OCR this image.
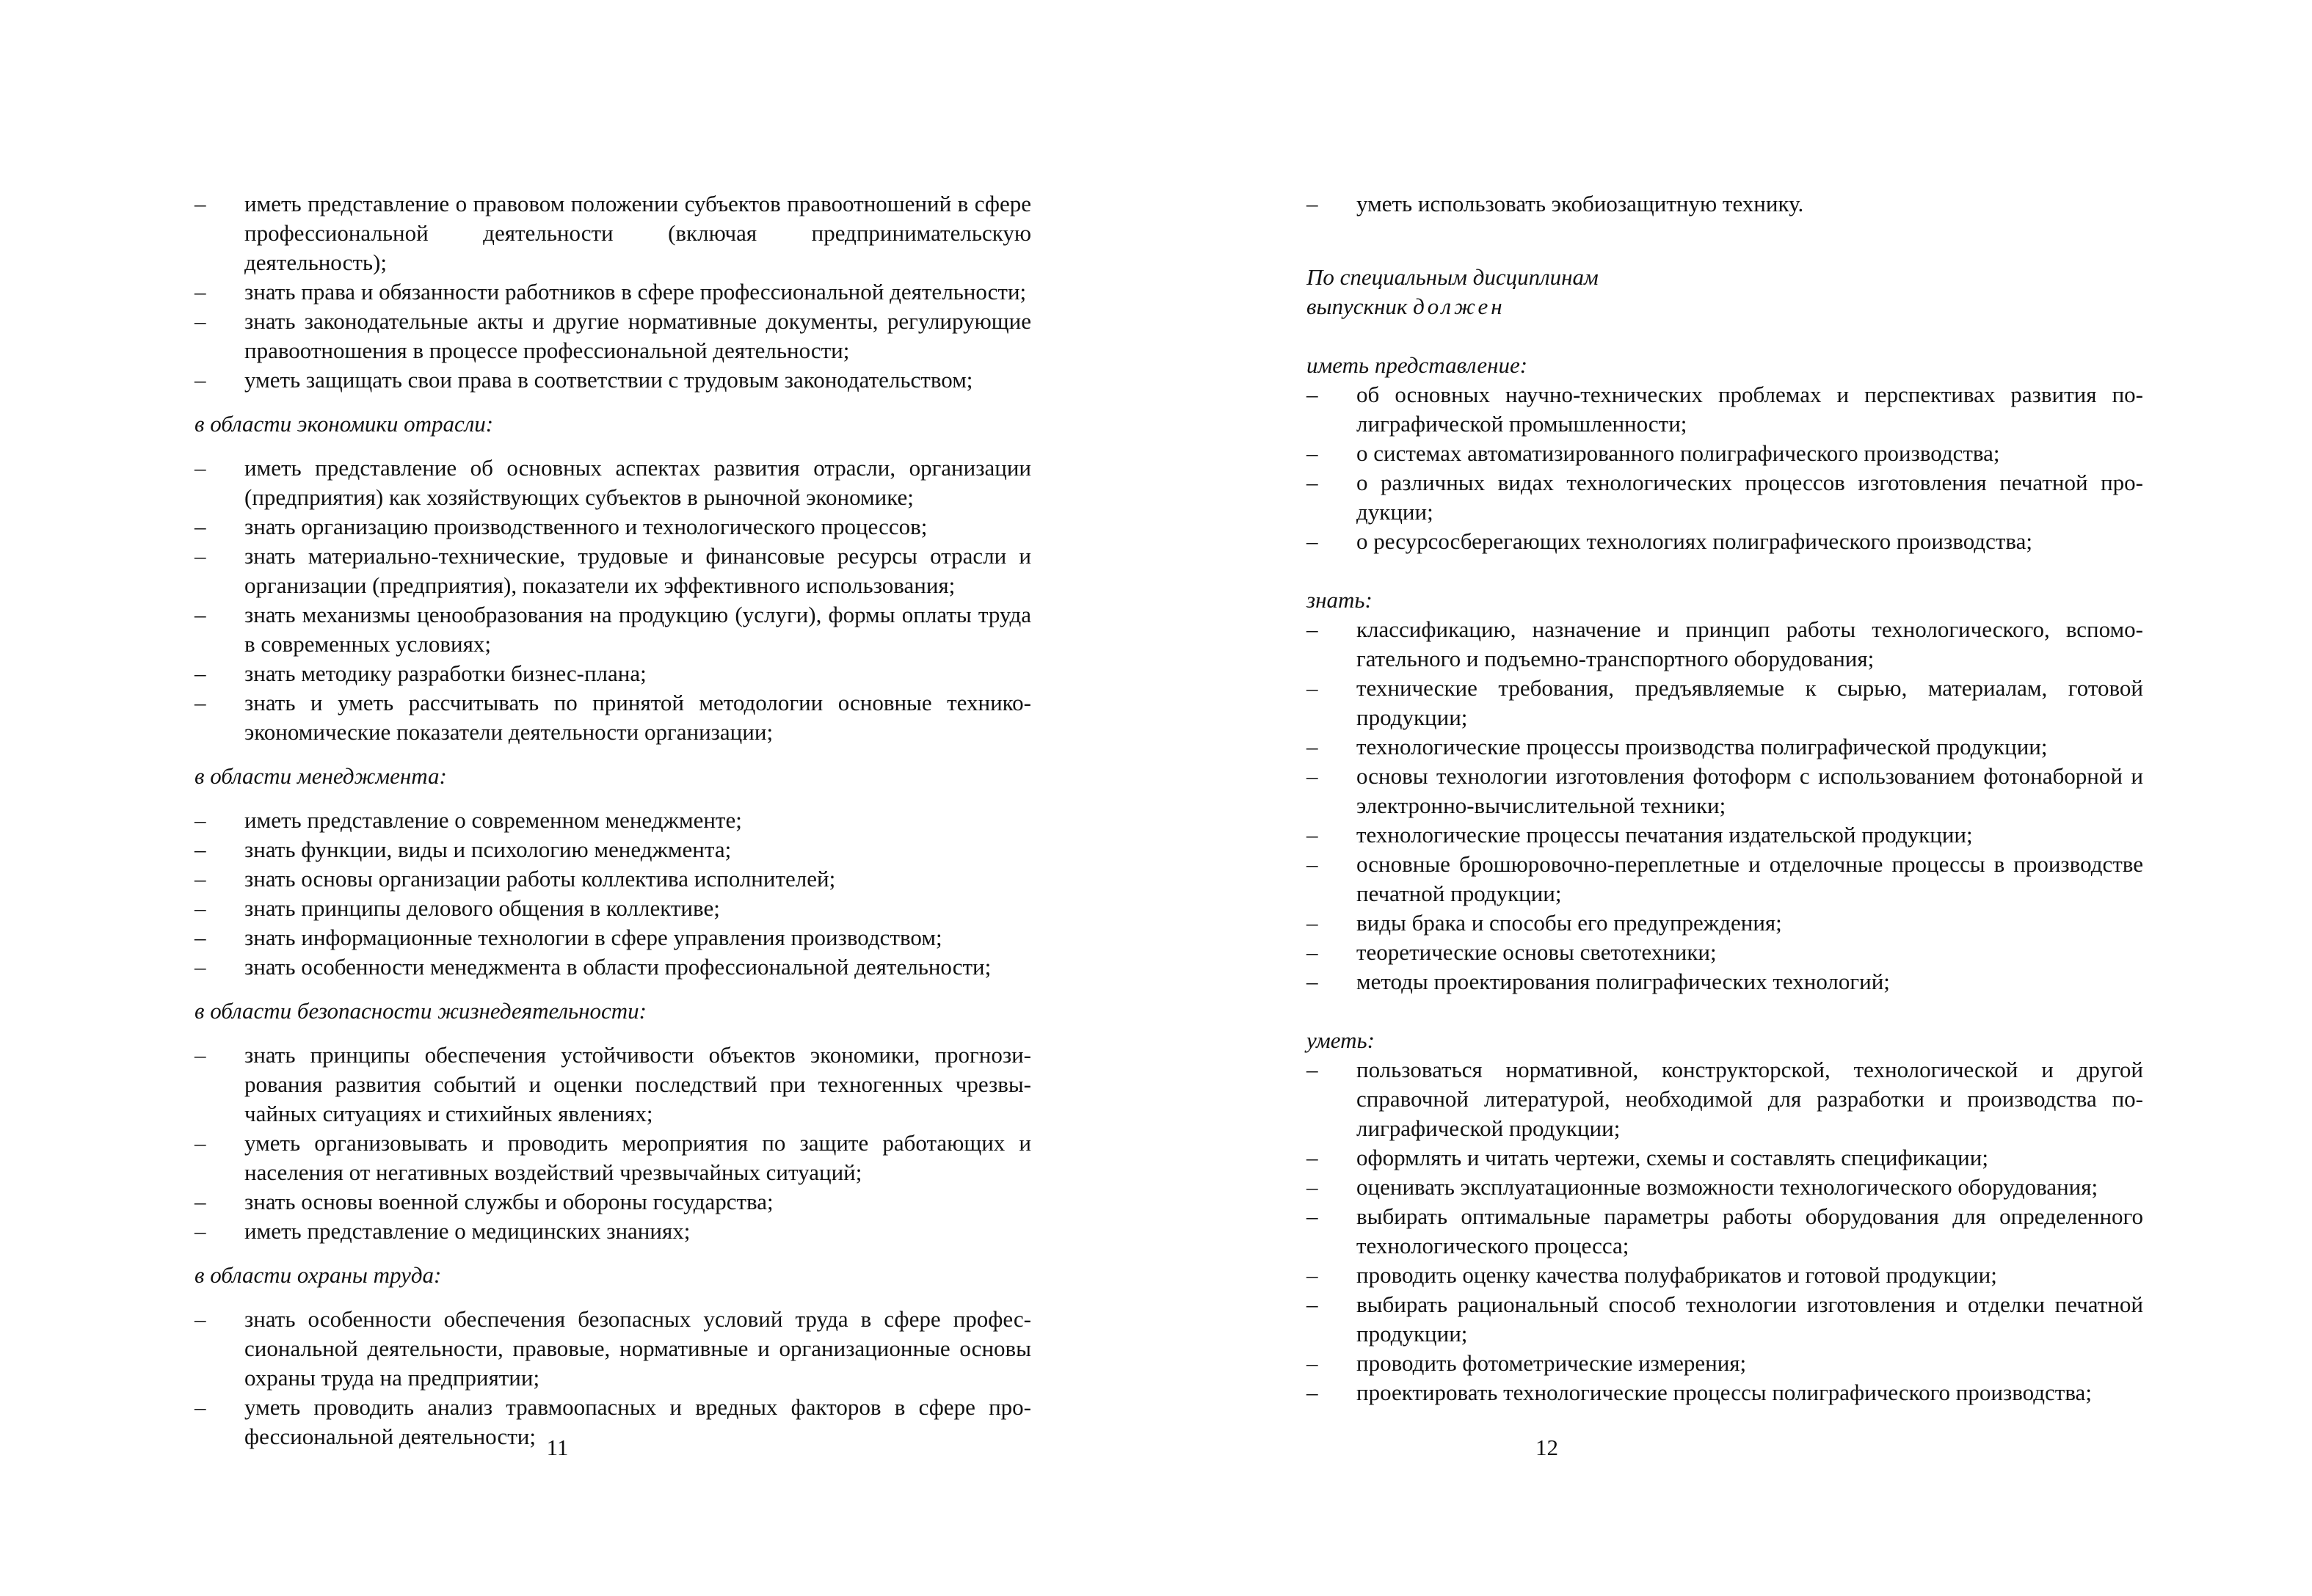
– иметь представление о правовом положении субъектов правоотношений в сфере профессиональной деятельности (включая предпринимательскую деятельность);
– знать права и обязанности работников в сфере профессиональной деятельности;
– знать законодательные акты и другие нормативные документы, регулирующие правоотношения в процессе профессиональной деятельности;
– уметь защищать свои права в соответствии с трудовым законодательством;

в области экономики отрасли:

– иметь представление об основных аспектах развития отрасли, организации (предприятия) как хозяйствующих субъектов в рыночной экономике;
– знать организацию производственного и технологического процессов;
– знать материально-технические, трудовые и финансовые ресурсы отрасли и организации (предприятия), показатели их эффективного использования;
– знать механизмы ценообразования на продукцию (услуги), формы оплаты труда в современных условиях;
– знать методику разработки бизнес-плана;
– знать и уметь рассчитывать по принятой методологии основные техникоэкономические показатели деятельности организации;

в области менеджмента:

– иметь представление о современном менеджменте;
– знать функции, виды и психологию менеджмента;
– знать основы организации работы коллектива исполнителей;
– знать принципы делового общения в коллективе;
– знать информационные технологии в сфере управления производством;
– знать особенности менеджмента в области профессиональной деятельности;

в области безопасности жизнедеятельности:

– знать принципы обеспечения устойчивости объектов экономики, прогнозирования развития событий и оценки последствий при техногенных чрезвычайных ситуациях и стихийных явлениях;
– уметь организовывать и проводить мероприятия по защите работающих и населения от негативных воздействий чрезвычайных ситуаций;
– знать основы военной службы и обороны государства;
– иметь представление о медицинских знаниях;

в области охраны труда:

– знать особенности обеспечения безопасных условий труда в сфере профессиональной деятельности, правовые, нормативные и организационные основы охраны труда на предприятии;
– уметь проводить анализ травмоопасных и вредных факторов в сфере профессиональной деятельности; 11
– уметь использовать экобиозащитную технику.

По специальным дисциплинам

выпускник должен

иметь представление:

– об основных научно-технических проблемах и перспективах развития полиграфической промышленности;
– о системах автоматизированного полиграфического производства;
– о различных видах технологических процессов изготовления печатной продукции;
– о ресурсосберегающих технологиях полиграфического производства;

знать:

– классификацию, назначение и принцип работы технологического, вспомогательного и подъемно-транспортного оборудования;
– технические требования, предъявляемые к сырью, материалам, готовой продукции;
– технологические процессы производства полиграфической продукции;
– основы технологии изготовления фотоформ с использованием фотонаборной и электронно-вычислительной техники;
– технологические процессы печатания издательской продукции;
– основные брошюровочно-переплетные и отделочные процессы в производстве печатной продукции;
– виды брака и способы его предупреждения;
– теоретические основы светотехники;
– методы проектирования полиграфических технологий;

уметь:

– пользоваться нормативной, конструкторской, технологической и другой справочной литературой, необходимой для разработки и производства полиграфической продукции;
– оформлять и читать чертежи, схемы и составлять спецификации;
– оценивать эксплуатационные возможности технологического оборудования;
– выбирать оптимальные параметры работы оборудования для определенного технологического процесса;
– проводить оценку качества полуфабрикатов и готовой продукции;
– выбирать рациональный способ технологии изготовления и отделки печатной продукции;
– проводить фотометрические измерения;
– проектировать технологические процессы полиграфического производства;
12
